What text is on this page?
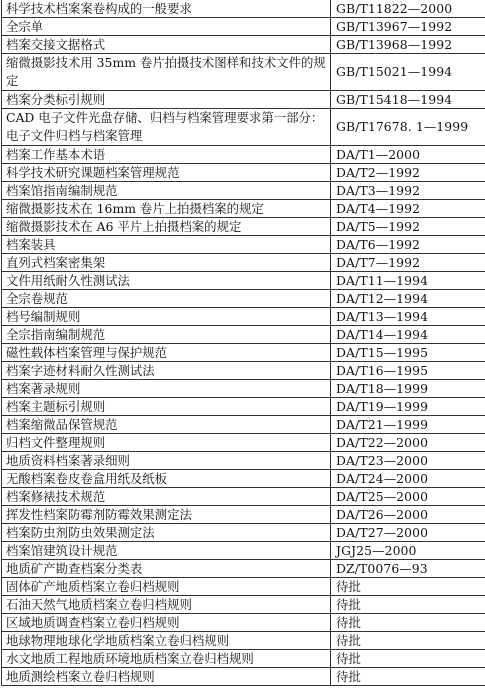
科学技术档案案卷构成的一般要求	GB/T11822—2000
全宗单	GB/T13967—1992
档案交接文据格式	GB/T13968—1992
缩微摄影技术用 35mm 卷片拍摄技术图样和技术文件的规定	GB/T15021—1994
档案分类标引规则	GB/T15418—1994
CAD 电子文件光盘存储、归档与档案管理要求第一部分：电子文件归档与档案管理	GB/T17678. 1—1999
档案工作基本术语	DA/T1—2000
科学技术研究课题档案管理规范	DA/T2—1992
档案馆指南编制规范	DA/T3—1992
缩微摄影技术在 16mm 卷片上拍摄档案的规定	DA/T4—1992
缩微摄影技术在 A6 平片上拍摄档案的规定	DA/T5—1992
档案装具	DA/T6—1992
直列式档案密集架	DA/T7—1992
文件用纸耐久性测试法	DA/T11—1994
全宗卷规范	DA/T12—1994
档号编制规则	DA/T13—1994
全宗指南编制规范	DA/T14—1994
磁性载体档案管理与保护规范	DA/T15—1995
档案字迹材料耐久性测试法	DA/T16—1995
档案著录规则	DA/T18—1999
档案主题标引规则	DA/T19—1999
档案缩微品保管规范	DA/T21—1999
归档文件整理规则	DA/T22—2000
地质资料档案著录细则	DA/T23—2000
无酸档案卷皮卷盒用纸及纸板	DA/T24—2000
档案修裱技术规范	DA/T25—2000
挥发性档案防霉剂防霉效果测定法	DA/T26—2000
档案防虫剂防虫效果测定法	DA/T27—2000
档案馆建筑设计规范	JGJ25—2000
地质矿产勘查档案分类表	DZ/T0076—93
固体矿产地质档案立卷归档规则	待批
石油天然气地质档案立卷归档规则	待批
区域地质调查档案立卷归档规则	待批
地球物理地球化学地质档案立卷归档规则	待批
水文地质工程地质环境地质档案立卷归档规则	待批
地质测绘档案立卷归档规则	待批
